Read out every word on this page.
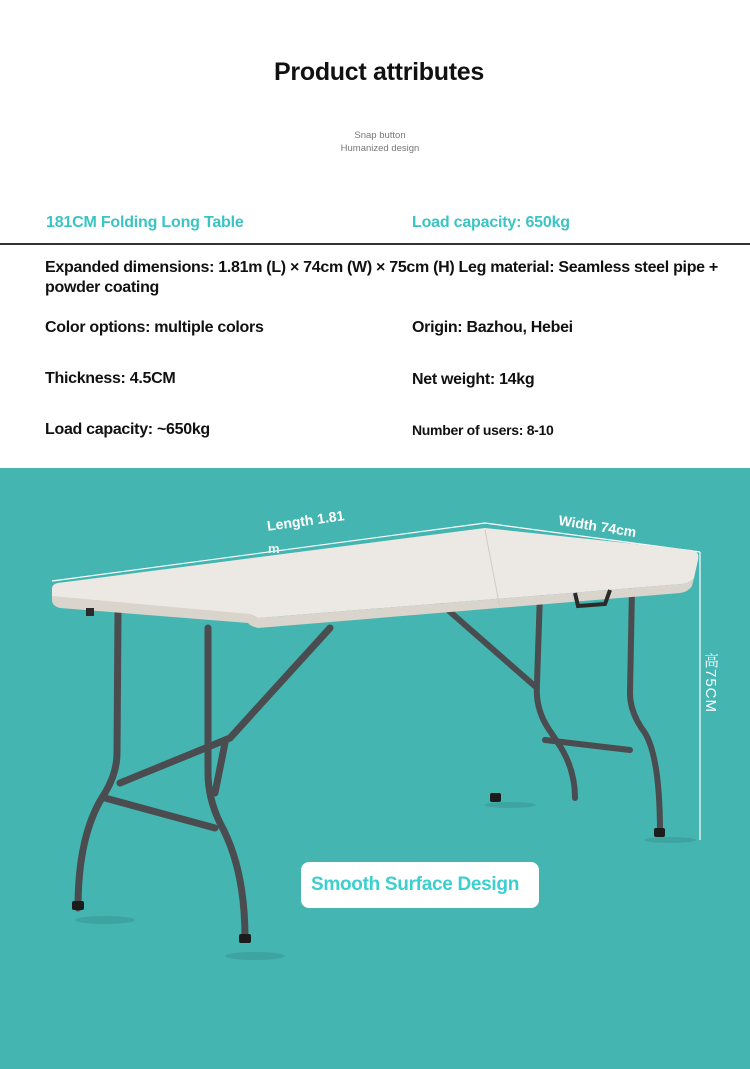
Product attributes
Snap button
Humanized design
181CM Folding Long Table	Load capacity: 650kg
Expanded dimensions: 1.81m (L) × 74cm (W) × 75cm (H) Leg material: Seamless steel pipe + powder coating
Color options: multiple colors	Origin: Bazhou, Hebei
Thickness: 4.5CM	Net weight: 14kg
Load capacity: ~650kg	Number of users: 8-10
Length 1.81
m
Width 74cm
高75CM
Smooth Surface Design
